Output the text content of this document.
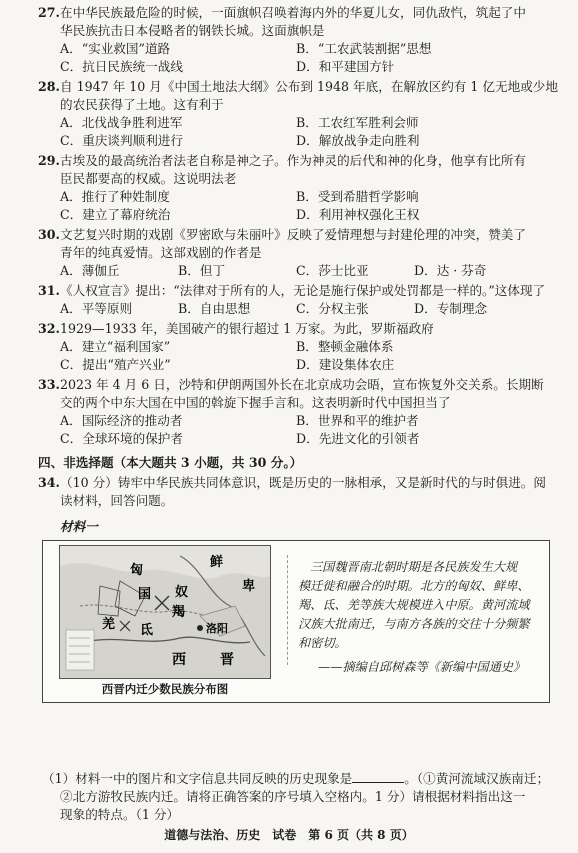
27.在中华民族最危险的时候，一面旗帜召唤着海内外的华夏儿女，同仇敌忾，筑起了中
华民族抗击日本侵略者的钢铁长城。这面旗帜是
A．“实业救国”道路	B．“工农武装割据”思想
C．抗日民族统一战线	D．和平建国方针
28.自 1947 年 10 月《中国土地法大纲》公布到 1948 年底，在解放区约有 1 亿无地或少地
的农民获得了土地。这有利于
A．北伐战争胜利进军	B．工农红军胜利会师
C．重庆谈判顺利进行	D．解放战争走向胜利
29.古埃及的最高统治者法老自称是神之子。作为神灵的后代和神的化身，他享有比所有
臣民都要高的权威。这说明法老
A．推行了种姓制度	B．受到希腊哲学影响
C．建立了幕府统治	D．利用神权强化王权
30.文艺复兴时期的戏剧《罗密欧与朱丽叶》反映了爱情理想与封建伦理的冲突，赞美了
青年的纯真爱情。这部戏剧的作者是
A．薄伽丘	B．但丁	C．莎士比亚	D．达 · 芬奇
31.《人权宣言》提出：“法律对于所有的人，无论是施行保护或处罚都是一样的。”这体现了
A．平等原则	B．自由思想	C．分权主张	D．专制理念
32.1929—1933 年，美国破产的银行超过 1 万家。为此，罗斯福政府
A．建立“福利国家”	B．整顿金融体系
C．提出“殖产兴业”	D．建设集体农庄
33.2023 年 4 月 6 日，沙特和伊朗两国外长在北京成功会晤，宣布恢复外交关系。长期断
交的两个中东大国在中国的斡旋下握手言和。这表明新时代中国担当了
A．国际经济的推动者	B．世界和平的维护者
C．全球环境的保护者	D．先进文化的引领者
四、非选择题（本大题共 3 小题，共 30 分。）
34.（10 分）铸牢中华民族共同体意识，既是历史的一脉相承，又是新时代的与时俱进。阅
读材料，回答问题。
材料一
鲜
卑
匈
国 奴
羯
氐
羌	洛阳
西 晋
西晋内迁少数民族分布图
三国魏晋南北朝时期是各民族发生大规
模迁徙和融合的时期。北方的匈奴、鲜卑、
羯、氐、羌等族大规模进入中原。黄河流域
汉族大批南迁，与南方各族的交往十分频繁
和密切。
——摘编自邱树森等《新编中国通史》
（1）材料一中的图片和文字信息共同反映的历史现象是	。（①黄河流域汉族南迁；
②北方游牧民族内迁。请将正确答案的序号填入空格内。1 分）请根据材料指出这一
现象的特点。（1 分）
道德与法治、历史　试卷　第 6 页（共 8 页）
